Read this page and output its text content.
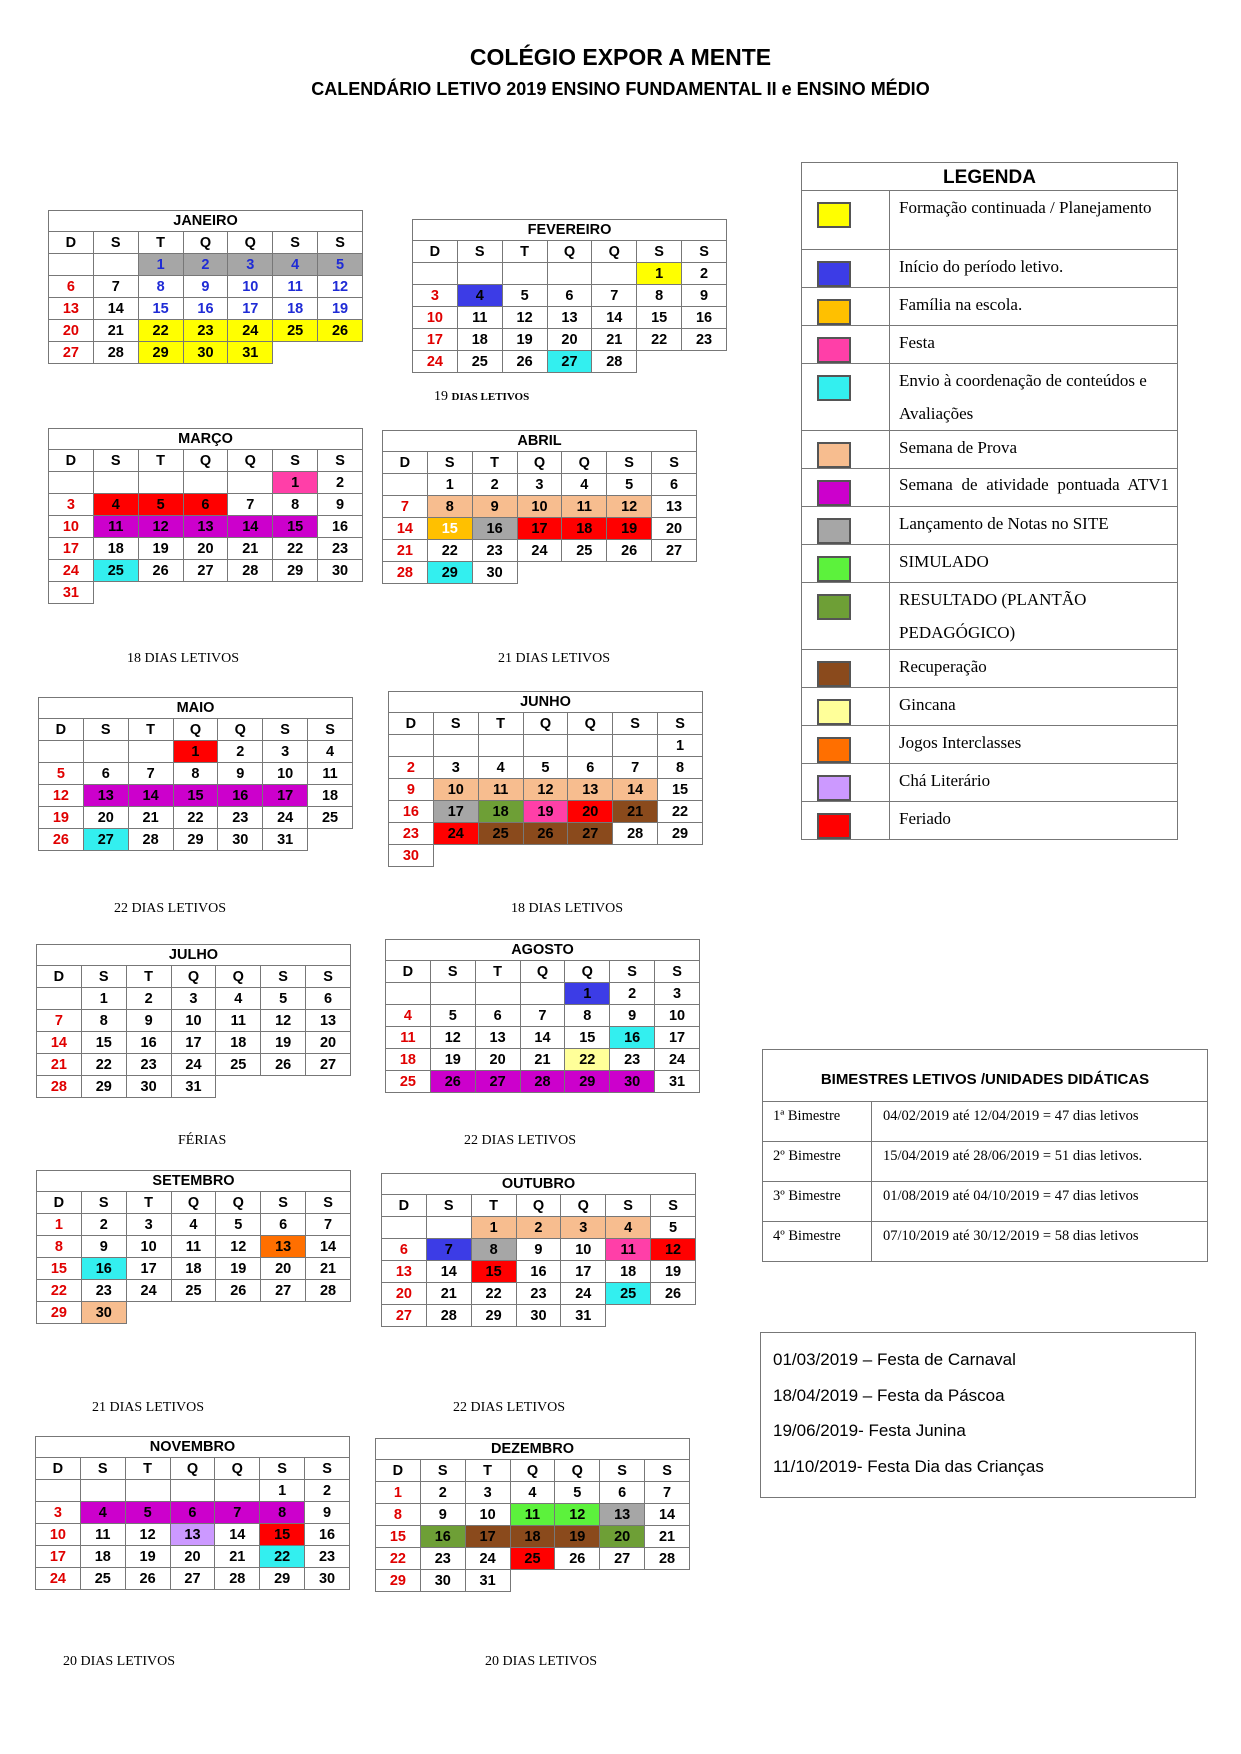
COLÉGIO EXPOR A MENTE
CALENDÁRIO LETIVO 2019 ENSINO FUNDAMENTAL II e ENSINO MÉDIO
JANEIRO						
D	S	T	Q	Q	S	S
		1	2	3	4	5
6	7	8	9	10	11	12
13	14	15	16	17	18	19
20	21	22	23	24	25	26
27	28	29	30	31		
FEVEREIRO						
D	S	T	Q	Q	S	S
					1	2
3	4	5	6	7	8	9
10	11	12	13	14	15	16
17	18	19	20	21	22	23
24	25	26	27	28		
MARÇO						
D	S	T	Q	Q	S	S
					1	2
3	4	5	6	7	8	9
10	11	12	13	14	15	16
17	18	19	20	21	22	23
24	25	26	27	28	29	30
31						
ABRIL						
D	S	T	Q	Q	S	S
	1	2	3	4	5	6
7	8	9	10	11	12	13
14	15	16	17	18	19	20
21	22	23	24	25	26	27
28	29	30				
MAIO						
D	S	T	Q	Q	S	S
			1	2	3	4
5	6	7	8	9	10	11
12	13	14	15	16	17	18
19	20	21	22	23	24	25
26	27	28	29	30	31	
JUNHO						
D	S	T	Q	Q	S	S
						1
2	3	4	5	6	7	8
9	10	11	12	13	14	15
16	17	18	19	20	21	22
23	24	25	26	27	28	29
30						
JULHO						
D	S	T	Q	Q	S	S
	1	2	3	4	5	6
7	8	9	10	11	12	13
14	15	16	17	18	19	20
21	22	23	24	25	26	27
28	29	30	31			
AGOSTO						
D	S	T	Q	Q	S	S
				1	2	3
4	5	6	7	8	9	10
11	12	13	14	15	16	17
18	19	20	21	22	23	24
25	26	27	28	29	30	31
SETEMBRO						
D	S	T	Q	Q	S	S
1	2	3	4	5	6	7
8	9	10	11	12	13	14
15	16	17	18	19	20	21
22	23	24	25	26	27	28
29	30					
OUTUBRO						
D	S	T	Q	Q	S	S
		1	2	3	4	5
6	7	8	9	10	11	12
13	14	15	16	17	18	19
20	21	22	23	24	25	26
27	28	29	30	31		
NOVEMBRO						
D	S	T	Q	Q	S	S
					1	2
3	4	5	6	7	8	9
10	11	12	13	14	15	16
17	18	19	20	21	22	23
24	25	26	27	28	29	30
DEZEMBRO						
D	S	T	Q	Q	S	S
1	2	3	4	5	6	7
8	9	10	11	12	13	14
15	16	17	18	19	20	21
22	23	24	25	26	27	28
29	30	31				
19 DIAS LETIVOS
18 DIAS LETIVOS	21 DIAS LETIVOS
22 DIAS LETIVOS	18 DIAS LETIVOS
FÉRIAS	22 DIAS LETIVOS
21 DIAS LETIVOS	22 DIAS LETIVOS
20 DIAS LETIVOS	20 DIAS LETIVOS
LEGENDA	

	Formação continuada / Planejamento

	Início do período letivo.

	Família na escola.

	Festa

	Envio à coordenação de conteúdos e Avaliações

	Semana de Prova

	Semana de atividade pontuada ATV1

	Lançamento de Notas no SITE

	SIMULADO

	RESULTADO (PLANTÃO PEDAGÓGICO)

	Recuperação

	Gincana

	Jogos Interclasses

	Chá Literário

	Feriado
BIMESTRES LETIVOS /UNIDADES DIDÁTICAS	
1ª Bimestre	04/02/2019 até 12/04/2019 = 47 dias letivos
2º Bimestre	15/04/2019 até 28/06/2019 = 51 dias letivos.
3º Bimestre	01/08/2019 até 04/10/2019 = 47 dias letivos
4º Bimestre	07/10/2019 até 30/12/2019 = 58 dias letivos
01/03/2019 – Festa de Carnaval
18/04/2019 – Festa da Páscoa
19/06/2019- Festa Junina
11/10/2019- Festa Dia das Crianças
